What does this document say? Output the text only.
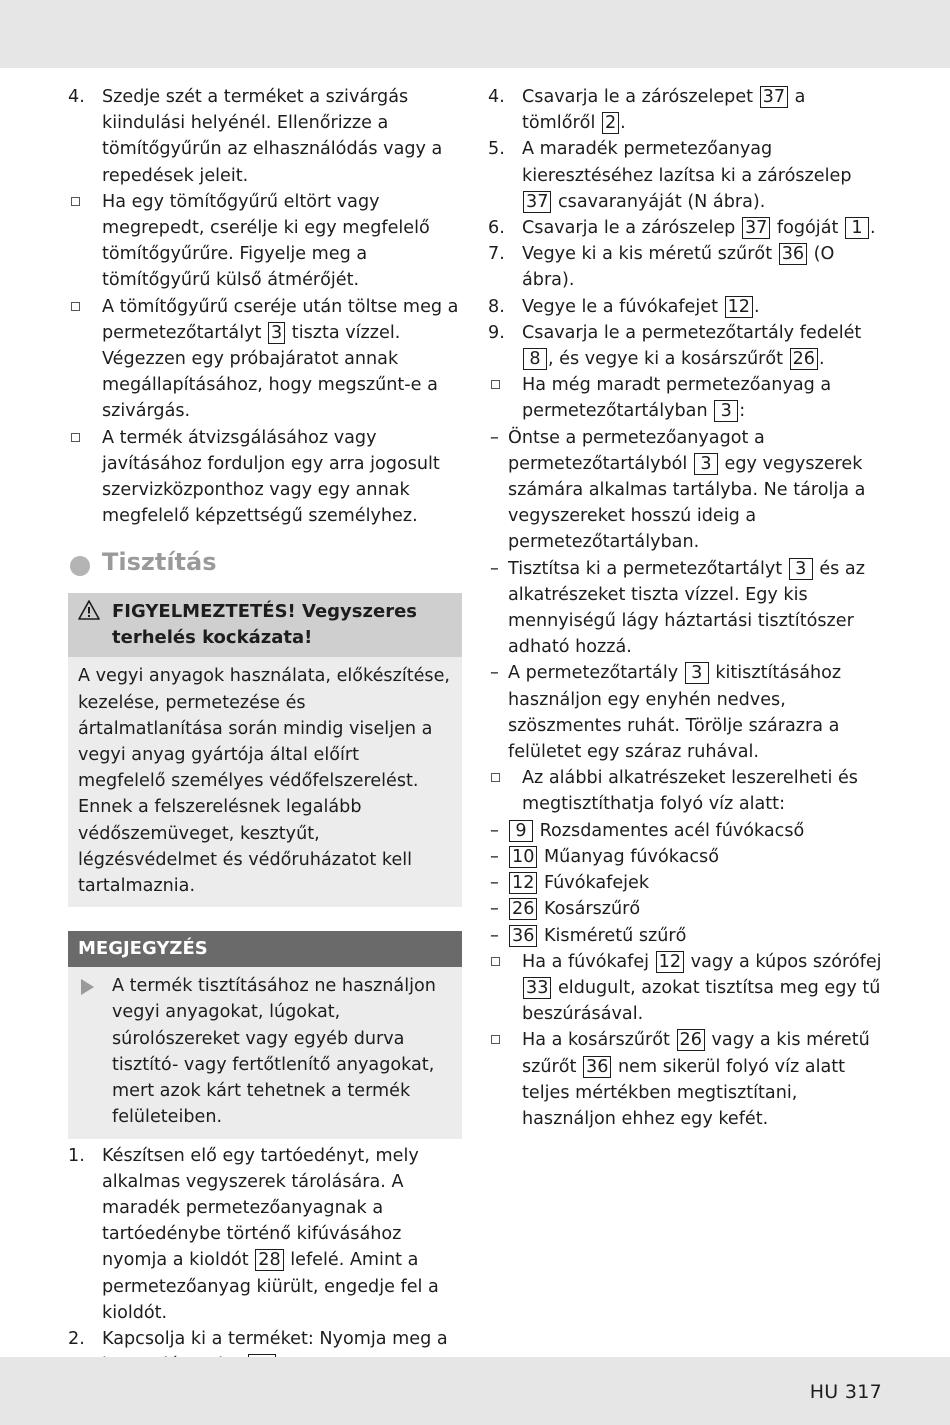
4. Szedje szét a terméket a szivárgás kiindulási helyénél. Ellenőrizze a tömítőgyűrűn az elhasználódás vagy a repedések jeleit.
Ha egy tömítőgyűrű eltört vagy megrepedt, cserélje ki egy megfelelő tömítőgyűrűre. Figyelje meg a tömítőgyűrű külső átmérőjét.
A tömítőgyűrű cseréje után töltse meg a permetezőtartályt 3 tiszta vízzel. Végezzen egy próbajáratot annak megállapításához, hogy megszűnt-e a szivárgás.
A termék átvizsgálásához vagy javításához forduljon egy arra jogosult szervizközponthoz vagy egy annak megfelelő képzettségű személyhez.
Tisztítás
FIGYELMEZTETÉS! Vegyszeres terhelés kockázata!
A vegyi anyagok használata, előkészítése, kezelése, permetezése és ártalmatlanítása során mindig viseljen a vegyi anyag gyártója által előírt megfelelő személyes védőfelszerelést. Ennek a felszerelésnek legalább védőszemüveget, kesztyűt, légzésvédelmet és védőruházatot kell tartalmaznia.
MEGJEGYZÉS
A termék tisztításához ne használjon vegyi anyagokat, lúgokat, súrolószereket vagy egyéb durva tisztító- vagy fertőtlenítő anyagokat, mert azok kárt tehetnek a termék felületeiben.
1. Készítsen elő egy tartóedényt, mely alkalmas vegyszerek tárolására. A maradék permetezőanyagnak a tartóedénybe történő kifúvásához nyomja a kioldót 28 lefelé. Amint a permetezőanyag kiürült, engedje fel a kioldót.
2. Kapcsolja ki a terméket: Nyomja meg a
4. Csavarja le a zárószelepet 37 a tömlőről 2 .
5. A maradék permetezőanyag kieresztéséhez lazítsa ki a zárószelep 37 csavaranyáját (N ábra).
6. Csavarja le a zárószelep 37 fogóját 1 .
7. Vegye ki a kis méretű szűrőt 36 (O ábra).
8. Vegye le a fúvókafejet 12 .
9. Csavarja le a permetezőtartály fedelét 8 , és vegye ki a kosárszűrőt 26 .
Ha még maradt permetezőanyag a permetezőtartályban 3 :
– Öntse a permetezőanyagot a permetezőtartályból 3 egy vegyszerek számára alkalmas tartályba. Ne tárolja a vegyszereket hosszú ideig a permetezőtartályban.
– Tisztítsa ki a permetezőtartályt 3 és az alkatrészeket tiszta vízzel. Egy kis mennyiségű lágy háztartási tisztítószer adható hozzá.
– A permetezőtartály 3 kitisztításához használjon egy enyhén nedves, szöszmentes ruhát. Törölje szárazra a felületet egy száraz ruhával.
Az alábbi alkatrészeket leszerelheti és megtisztíthatja folyó víz alatt:
– 9 Rozsdamentes acél fúvókacső
– 10 Műanyag fúvókacső
– 12 Fúvókafejek
– 26 Kosárszűrő
– 36 Kisméretű szűrő
Ha a fúvókafej 12 vagy a kúpos szórófej 33 eldugult, azokat tisztítsa meg egy tű beszúrásával.
Ha a kosárszűrőt 26 vagy a kis méretű szűrőt 36 nem sikerül folyó víz alatt teljes mértékben megtisztítani, használjon ehhez egy kefét.
HU 317
